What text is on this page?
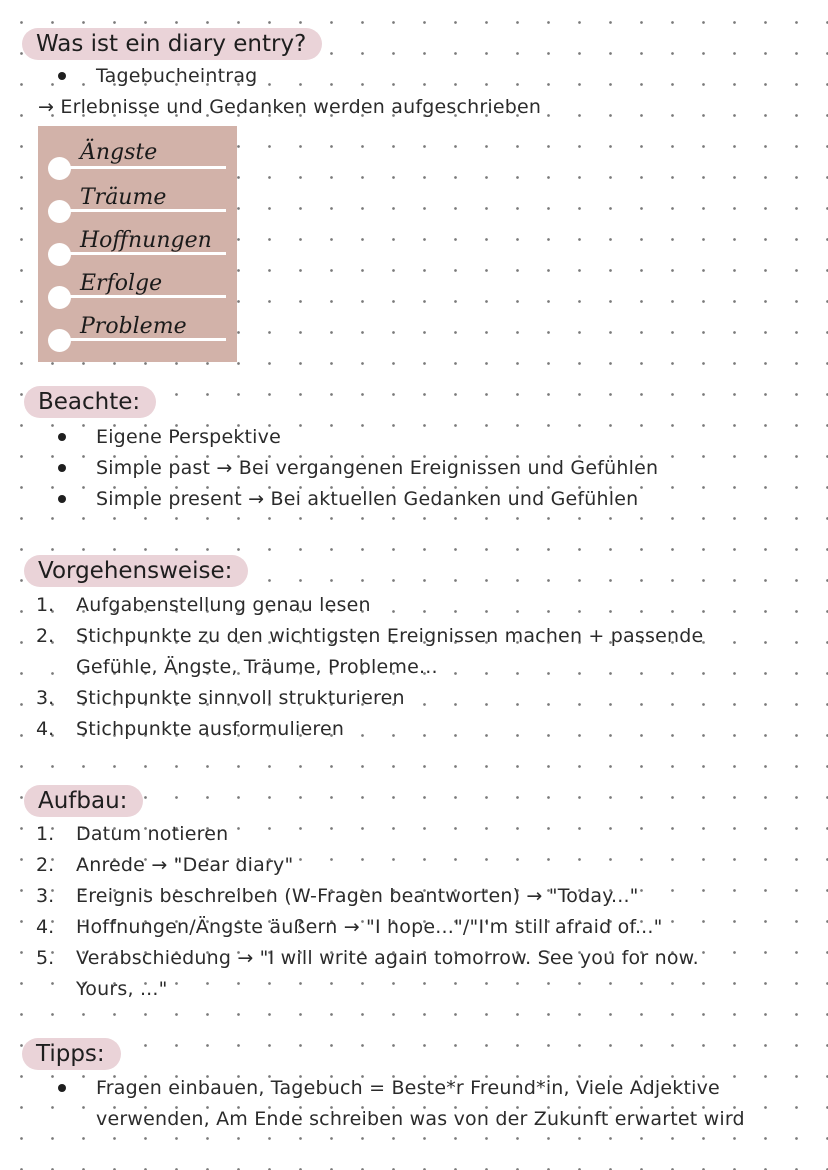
Was ist ein diary entry?
Tagebucheintrag
→ Erlebnisse und Gedanken werden aufgeschrieben
Ängste
Träume
Hoffnungen
Erfolge
Probleme
Beachte:
Eigene Perspektive
Simple past → Bei vergangenen Ereignissen und Gefühlen
Simple present → Bei aktuellen Gedanken und Gefühlen
Vorgehensweise:
1. Aufgabenstellung genau lesen
2. Stichpunkte zu den wichtigsten Ereignissen machen + passende
Gefühle, Ängste, Träume, Probleme...
3. Stichpunkte sinnvoll strukturieren
4. Stichpunkte ausformulieren
Aufbau:
1. Datum notieren
2. Anrede → "Dear diary"
3. Ereignis beschreiben (W-Fragen beantworten) → "Today..."
4. Hoffnungen/Ängste äußern → "I hope..."/"I'm still afraid of..."
5. Verabschiedung → "I will write again tomorrow. See you for now.
Yours, ..."
Tipps:
Fragen einbauen, Tagebuch = Beste*r Freund*in, Viele Adjektive
verwenden, Am Ende schreiben was von der Zukunft erwartet wird
